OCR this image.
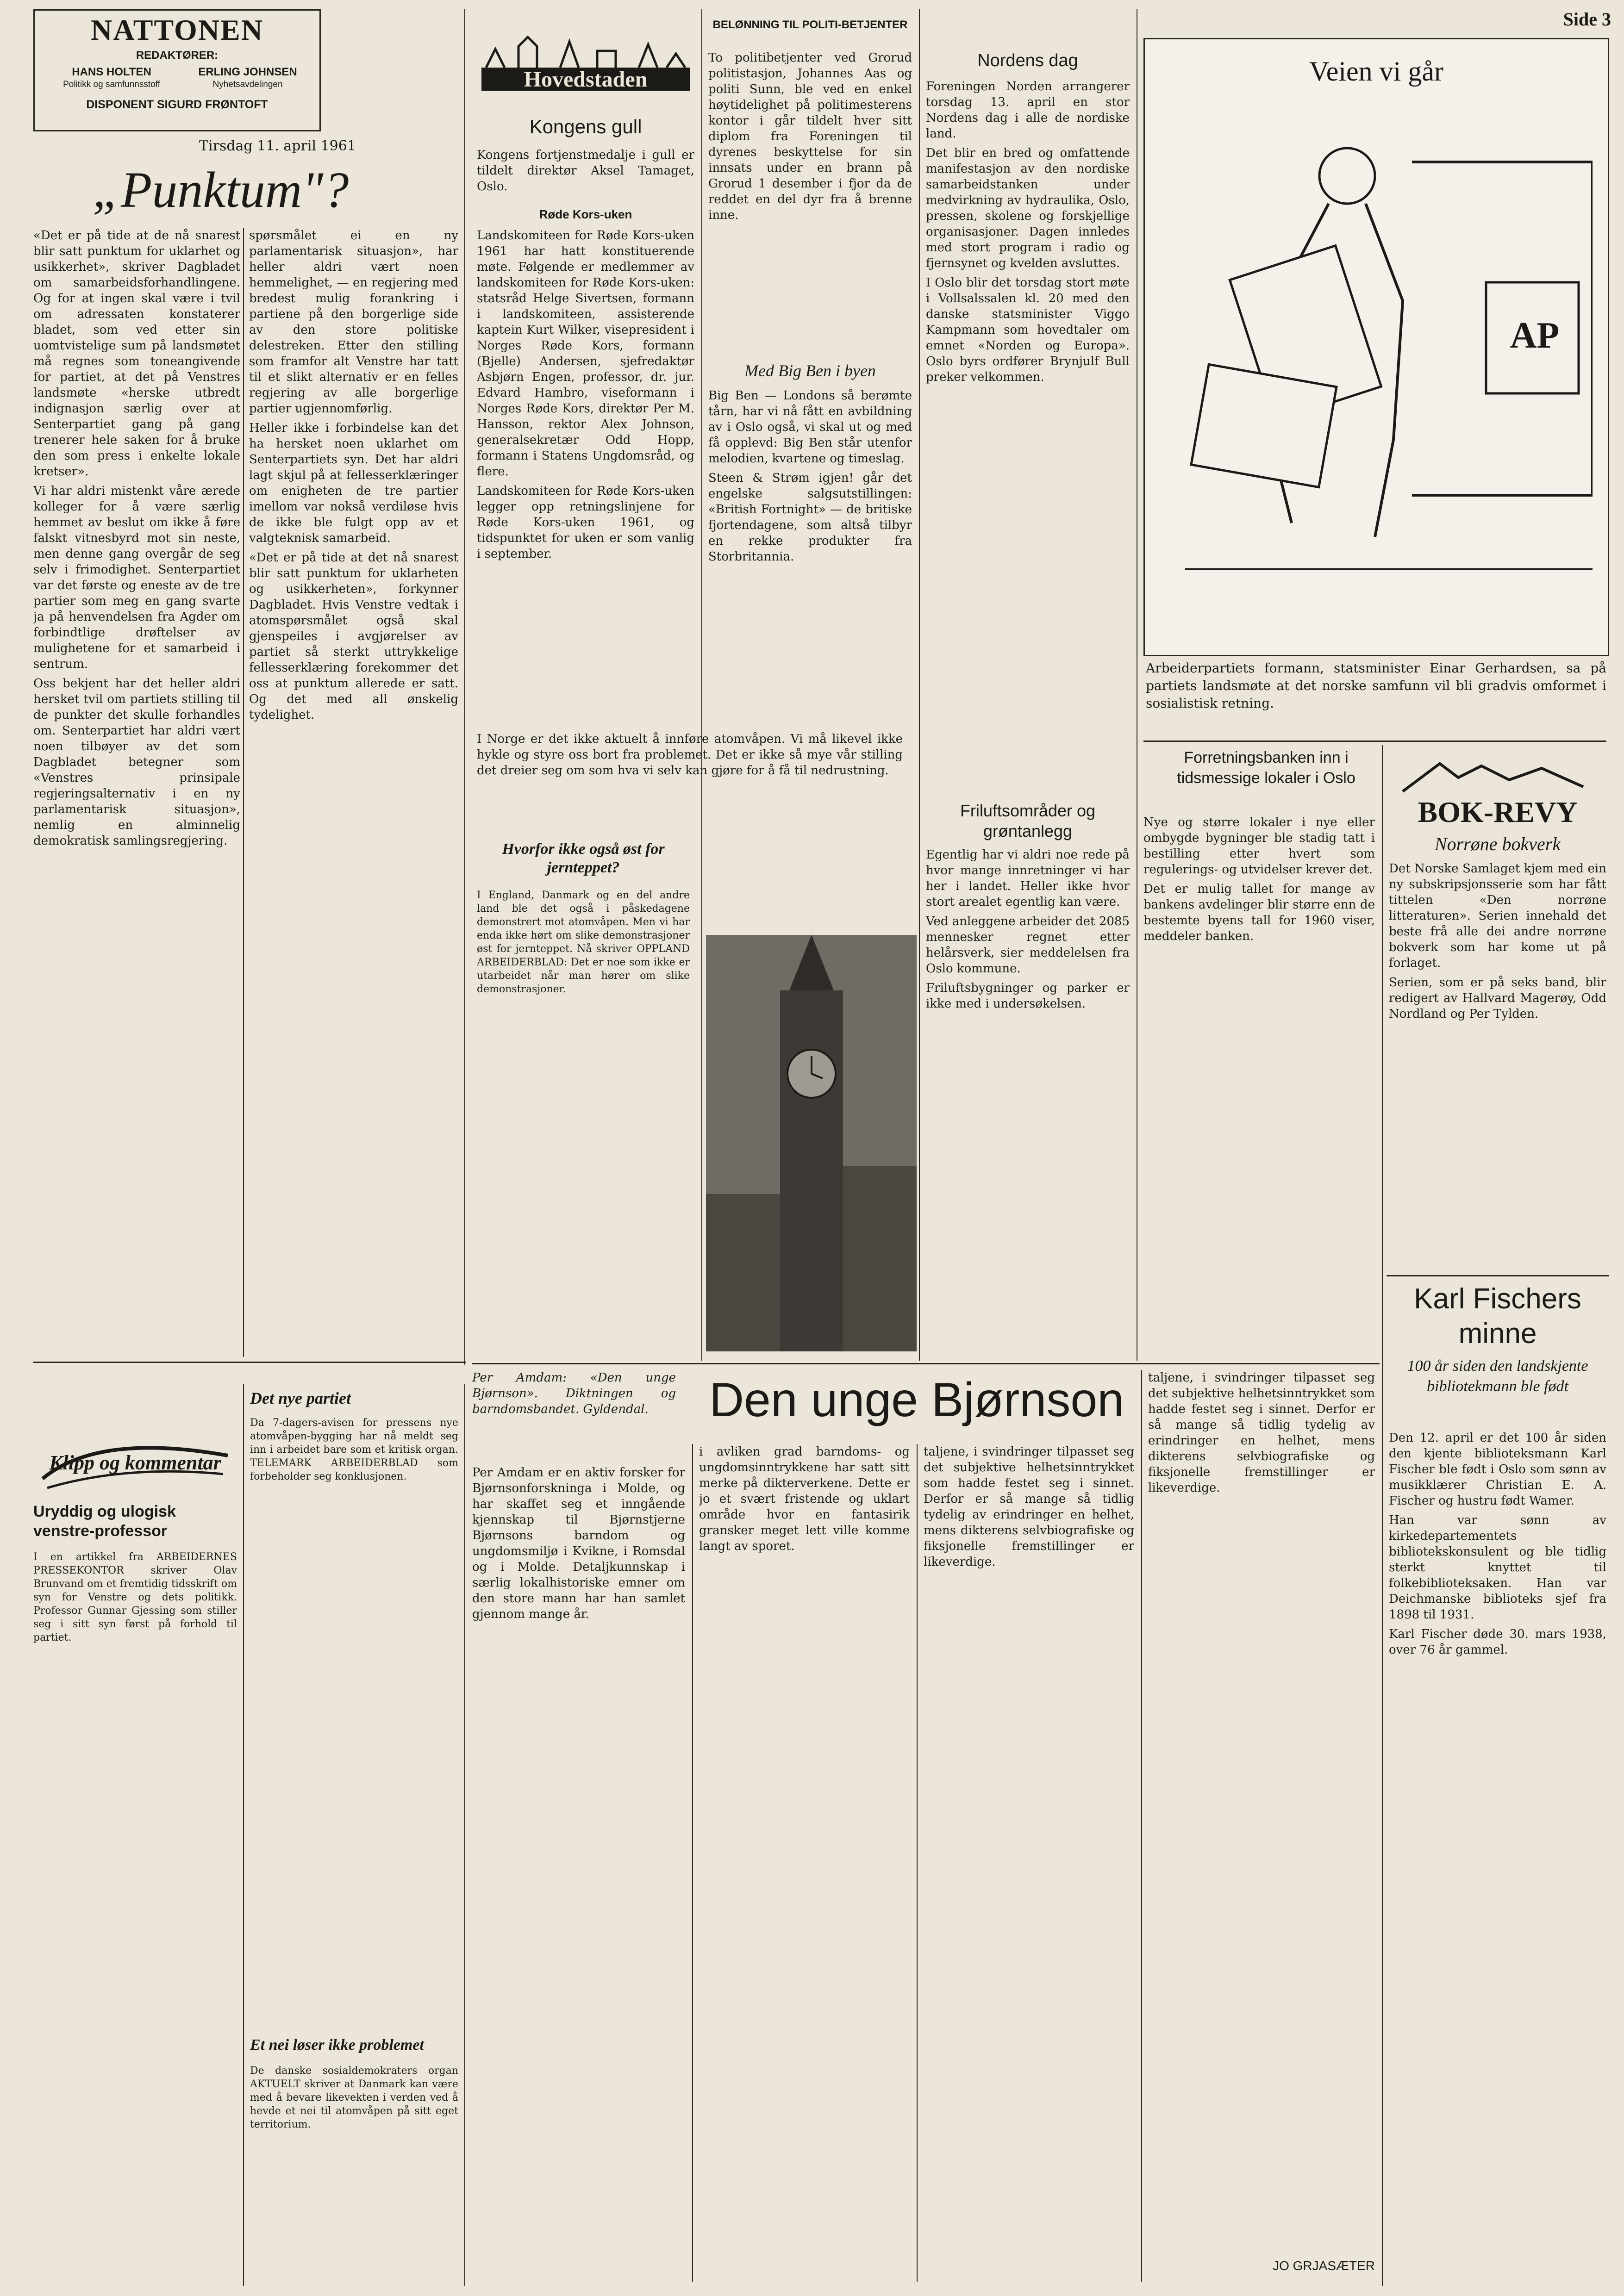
NATTONEN
REDAKTØRER:
HANS HOLTEN
Politikk og samfunnsstoff
ERLING JOHNSEN
Nyhetsavdelingen
DISPONENT SIGURD FRØNTOFT
Side 3
Tirsdag 11. april 1961
„Punktum"?

«Det er på tide at de nå snarest blir satt punktum for uklarhet og usikkerhet», skriver Dagbladet om samarbeidsforhandlingene. Og for at ingen skal være i tvil om adressaten konstaterer bladet, som ved etter sin uomtvistelige sum på landsmøtet må regnes som toneangivende for partiet, at det på Venstres landsmøte «herske utbredt indignasjon særlig over at Senterpartiet gang på gang trenerer hele saken for å bruke den som press i enkelte lokale kretser».

Vi har aldri mistenkt våre ærede kolleger for å være særlig hemmet av beslut om ikke å føre falskt vitnesbyrd mot sin neste, men denne gang overgår de seg selv i frimodighet. Senterpartiet var det første og eneste av de tre partier som meg en gang svarte ja på henvendelsen fra Agder om forbindtlige drøftelser av mulighetene for et samarbeid i sentrum.

Oss bekjent har det heller aldri hersket tvil om partiets stilling til de punkter det skulle forhandles om. Senterpartiet har aldri vært noen tilbøyer av det som Dagbladet betegner som «Venstres prinsipale regjeringsalternativ i en ny parlamentarisk situasjon», nemlig en alminnelig demokratisk samlingsregjering.

spørsmålet ei en ny parlamentarisk situasjon», har heller aldri vært noen hemmelighet, — en regjering med bredest mulig forankring i partiene på den borgerlige side av den store politiske delestreken. Etter den stilling som framfor alt Venstre har tatt til et slikt alternativ er en felles regjering av alle borgerlige partier ugjennomførlig.

Heller ikke i forbindelse kan det ha hersket noen uklarhet om Senterpartiets syn. Det har aldri lagt skjul på at fellesserklæringer om enigheten de tre partier imellom var nokså verdiløse hvis de ikke ble fulgt opp av et valgteknisk samarbeid.

«Det er på tide at det nå snarest blir satt punktum for uklarheten og usikkerheten», forkynner Dagbladet. Hvis Venstre vedtak i atomspørsmålet også skal gjenspeiles i avgjørelser av partiet så sterkt uttrykkelige fellesserklæring forekommer det oss at punktum allerede er satt. Og det med all ønskelig tydelighet.

Hovedstaden
Kongens gull
Kongens fortjenstmedalje i gull er tildelt direktør Aksel Tamaget, Oslo.
Røde Kors-uken

Landskomiteen for Røde Kors-uken 1961 har hatt konstituerende møte. Følgende er medlemmer av landskomiteen for Røde Kors-uken: statsråd Helge Sivertsen, formann i landskomiteen, assisterende kaptein Kurt Wilker, visepresident i Norges Røde Kors, formann (Bjelle) Andersen, sjefredaktør Asbjørn Engen, professor, dr. jur. Edvard Hambro, viseformann i Norges Røde Kors, direktør Per M. Hansson, rektor Alex Johnson, generalsekretær Odd Hopp, formann i Statens Ungdomsråd, og flere.

Landskomiteen for Røde Kors-uken legger opp retningslinjene for Røde Kors-uken 1961, og tidspunktet for uken er som vanlig i september.

BELØNNING TIL POLITI-BETJENTER
To politibetjenter ved Grorud politistasjon, Johannes Aas og politi Sunn, ble ved en enkel høytidelighet på politimesterens kontor i går tildelt hver sitt diplom fra Foreningen til dyrenes beskyttelse for sin innsats under en brann på Grorud 1 desember i fjor da de reddet en del dyr fra å brenne inne.
Med Big Ben i byen

Big Ben — Londons så berømte tårn, har vi nå fått en avbildning av i Oslo også, vi skal ut og med få opplevd: Big Ben står utenfor melodien, kvartene og timeslag.

Steen & Strøm igjen! går det engelske salgsutstillingen: «British Fortnight» — de britiske fjortendagene, som altså tilbyr en rekke produkter fra Storbritannia.

Nordens dag

Foreningen Norden arrangerer torsdag 13. april en stor Nordens dag i alle de nordiske land.

Det blir en bred og omfattende manifestasjon av den nordiske samarbeidstanken under medvirkning av hydraulika, Oslo, pressen, skolene og forskjellige organisasjoner. Dagen innledes med stort program i radio og fjernsynet og kvelden avsluttes.

I Oslo blir det torsdag stort møte i Vollsalssalen kl. 20 med den danske statsminister Viggo Kampmann som hovedtaler om emnet «Norden og Europa». Oslo byrs ordfører Brynjulf Bull preker velkommen.

Veien vi går
AP
Arbeiderpartiets formann, statsminister Einar Gerhardsen, sa på partiets landsmøte at det norske samfunn vil bli gradvis omformet i sosialistisk retning.
I Norge er det ikke aktuelt å innføre atomvåpen. Vi må likevel ikke hykle og styre oss bort fra problemet. Det er ikke så mye vår stilling det dreier seg om som hva vi selv kan gjøre for å få til nedrustning.
Hvorfor ikke også øst for jernteppet?
I England, Danmark og en del andre land ble det også i påskedagene demonstrert mot atomvåpen. Men vi har enda ikke hørt om slike demonstrasjoner øst for jernteppet. Nå skriver OPPLAND ARBEIDERBLAD: Det er noe som ikke er utarbeidet når man hører om slike demonstrasjoner.
Friluftsområder og grøntanlegg

Egentlig har vi aldri noe rede på hvor mange innretninger vi har her i landet. Heller ikke hvor stort arealet egentlig kan være.

Ved anleggene arbeider det 2085 mennesker regnet etter helårsverk, sier meddelelsen fra Oslo kommune.

Friluftsbygninger og parker er ikke med i undersøkelsen.

Forretningsbanken inn i tidsmessige lokaler i Oslo

Nye og større lokaler i nye eller ombygde bygninger ble stadig tatt i bestilling etter hvert som regulerings- og utvidelser krever det.

Det er mulig tallet for mange av bankens avdelinger blir større enn de bestemte byens tall for 1960 viser, meddeler banken.

BOK-REVY
Norrøne bokverk

Det Norske Samlaget kjem med ein ny subskripsjonsserie som har fått tittelen «Den norrøne litteraturen». Serien innehald det beste frå alle dei andre norrøne bokverk som har kome ut på forlaget.

Serien, som er på seks band, blir redigert av Hallvard Magerøy, Odd Nordland og Per Tylden.

Karl Fischers
minne
100 år siden den landskjente bibliotekmann ble født

Den 12. april er det 100 år siden den kjente biblioteksmann Karl Fischer ble født i Oslo som sønn av musikklærer Christian E. A. Fischer og hustru født Wamer.

Han var sønn av kirkedepartementets bibliotekskonsulent og ble tidlig sterkt knyttet til folkebiblioteksaken. Han var Deichmanske biblioteks sjef fra 1898 til 1931.

Karl Fischer døde 30. mars 1938, over 76 år gammel.

Klipp og kommentar
Uryddig og ulogisk venstre-professor
I en artikkel fra ARBEIDERNES PRESSEKONTOR skriver Olav Brunvand om et fremtidig tidsskrift om syn for Venstre og dets politikk. Professor Gunnar Gjessing som stiller seg i sitt syn først på forhold til partiet.
Det nye partiet
Da 7-dagers-avisen for pressens nye atomvåpen-bygging har nå meldt seg inn i arbeidet bare som et kritisk organ. TELEMARK ARBEIDERBLAD som forbeholder seg konklusjonen.
Et nei løser ikke problemet
De danske sosialdemokraters organ AKTUELT skriver at Danmark kan være med å bevare likevekten i verden ved å hevde et nei til atomvåpen på sitt eget territorium.
Per Amdam: «Den unge Bjørnson». Diktningen og barndomsbandet. Gyldendal.	Den unge Bjørnson
Per Amdam er en aktiv forsker for Bjørnsonforskninga i Molde, og har skaffet seg et inngående kjennskap til Bjørnstjerne Bjørnsons barndom og ungdomsmiljø i Kvikne, i Romsdal og i Molde. Detaljkunnskap i særlig lokalhistoriske emner om den store mann har han samlet gjennom mange år.
i avliken grad barndoms- og ungdomsinntrykkene har satt sitt merke på dikterverkene. Dette er jo et svært fristende og uklart område hvor en fantasirik gransker meget lett ville komme langt av sporet.
taljene, i svindringer tilpasset seg det subjektive helhetsinntrykket som hadde festet seg i sinnet. Derfor er så mange så tidlig tydelig av erindringer en helhet, mens dikterens selvbiografiske og fiksjonelle fremstillinger er likeverdige.

taljene, i svindringer tilpasset seg det subjektive helhetsinntrykket som hadde festet seg i sinnet. Derfor er så mange så tidlig tydelig av erindringer en helhet, mens dikterens selvbiografiske og fiksjonelle fremstillinger er likeverdige.

JO GRJASÆTER
